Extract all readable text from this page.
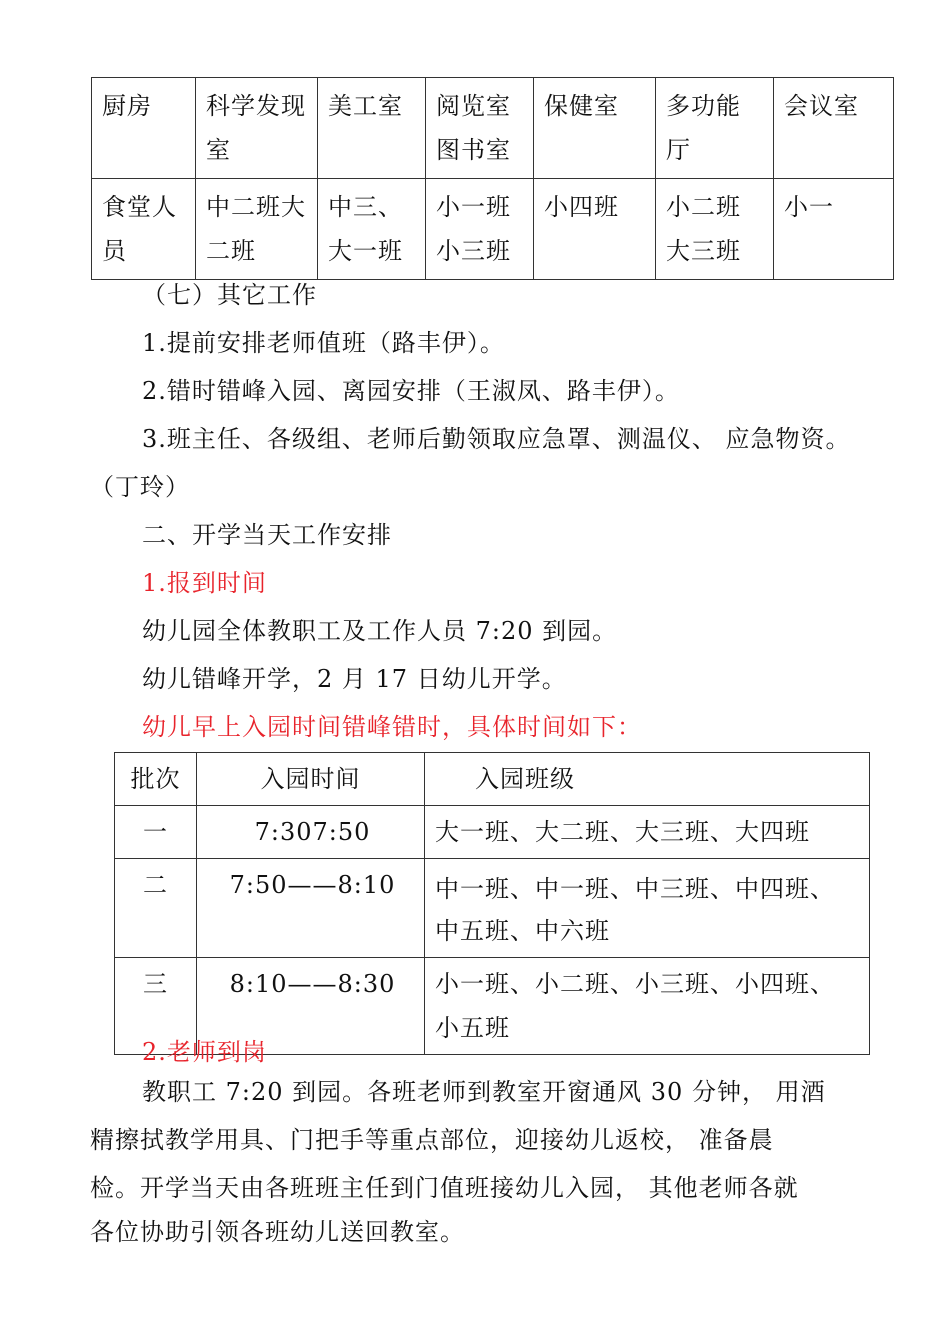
厨房	科学发现室	美工室	阅览室图书室	保健室	多功能厅	会议室
食堂人员	中二班大二班	中三、大一班	小一班小三班	小四班	小二班大三班	小一
（七）其它工作
1.提前安排老师值班（路丰伊）。
2.错时错峰入园、离园安排（王淑凤、路丰伊）。
3.班主任、各级组、老师后勤领取应急罩、测温仪、 应急物资。
（丁玲）
二、开学当天工作安排
1.报到时间
幼儿园全体教职工及工作人员 7:20 到园。
幼儿错峰开学，2 月 17 日幼儿开学。
幼儿早上入园时间错峰错时，具体时间如下：
批次	入园时间	入园班级
一	7:307:50	大一班、大二班、大三班、大四班
二	7:50——8:10	中一班、中一班、中三班、中四班、
中五班、中六班

三	8:10——8:30	小一班、小二班、小三班、小四班、
小五班
2.老师到岗
教职工 7:20 到园。各班老师到教室开窗通风 30 分钟， 用酒
精擦拭教学用具、门把手等重点部位，迎接幼儿返校， 准备晨
检。开学当天由各班班主任到门值班接幼儿入园， 其他老师各就
各位协助引领各班幼儿送回教室。
